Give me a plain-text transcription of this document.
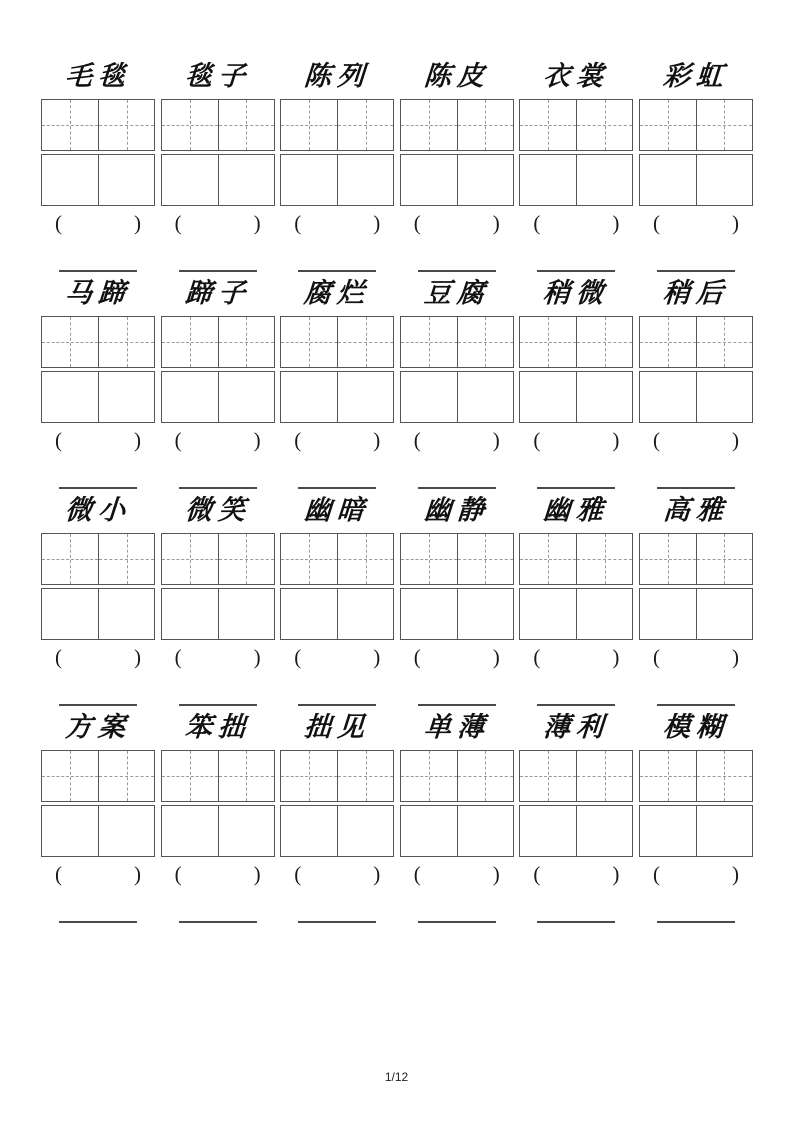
毛毯	毯子	陈列	陈皮	衣裳	彩虹
(	) (	) (	) (	) (	) (	)
马蹄	蹄子	腐烂	豆腐	稍微	稍后
(	) (	) (	) (	) (	) (	)
微小	微笑	幽暗	幽静	幽雅	高雅
(	) (	) (	) (	) (	) (	)
方案	笨拙	拙见	单薄	薄利	模糊
(	) (	) (	) (	) (	) (	)
1/12
